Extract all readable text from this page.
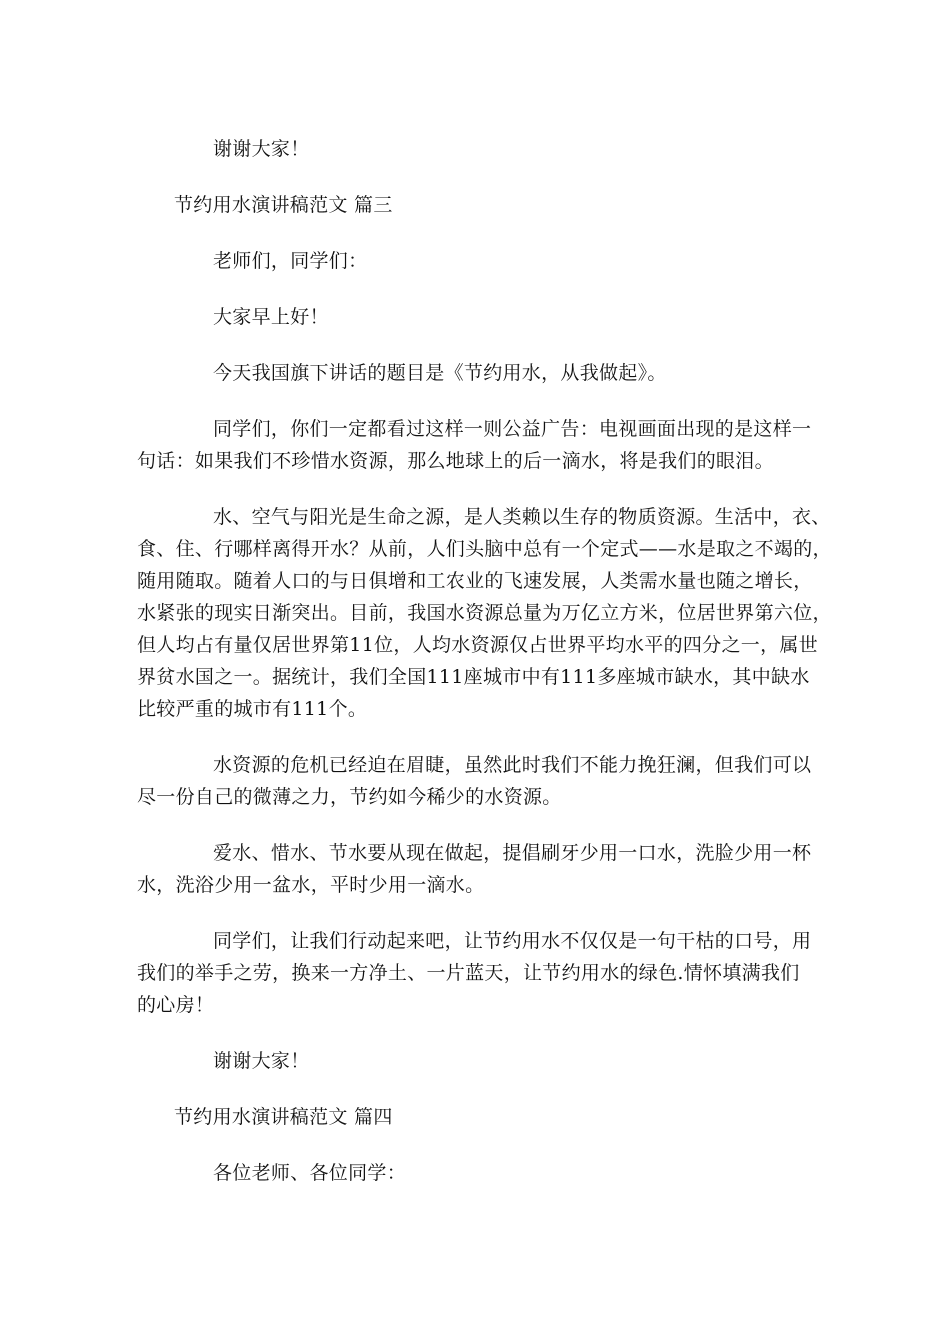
谢谢大家！
节约用水演讲稿范文 篇三
老师们，同学们：
大家早上好！
今天我国旗下讲话的题目是《节约用水，从我做起》。
同学们，你们一定都看过这样一则公益广告：电视画面出现的是这样一
句话：如果我们不珍惜水资源，那么地球上的后一滴水，将是我们的眼泪。
水、空气与阳光是生命之源，是人类赖以生存的物质资源。生活中，衣、
食、住、行哪样离得开水？从前，人们头脑中总有一个定式——水是取之不竭的，
随用随取。随着人口的与日俱增和工农业的飞速发展，人类需水量也随之增长，
水紧张的现实日渐突出。目前，我国水资源总量为万亿立方米，位居世界第六位，
但人均占有量仅居世界第11位，人均水资源仅占世界平均水平的四分之一，属世
界贫水国之一。据统计，我们全国111座城市中有111多座城市缺水，其中缺水
比较严重的城市有111个。
水资源的危机已经迫在眉睫，虽然此时我们不能力挽狂澜，但我们可以
尽一份自己的微薄之力，节约如今稀少的水资源。
爱水、惜水、节水要从现在做起，提倡刷牙少用一口水，洗脸少用一杯
水，洗浴少用一盆水，平时少用一滴水。
同学们，让我们行动起来吧，让节约用水不仅仅是一句干枯的口号，用
我们的举手之劳，换来一方净土、一片蓝天，让节约用水的绿色.情怀填满我们
的心房！
谢谢大家！
节约用水演讲稿范文 篇四
各位老师、各位同学：
